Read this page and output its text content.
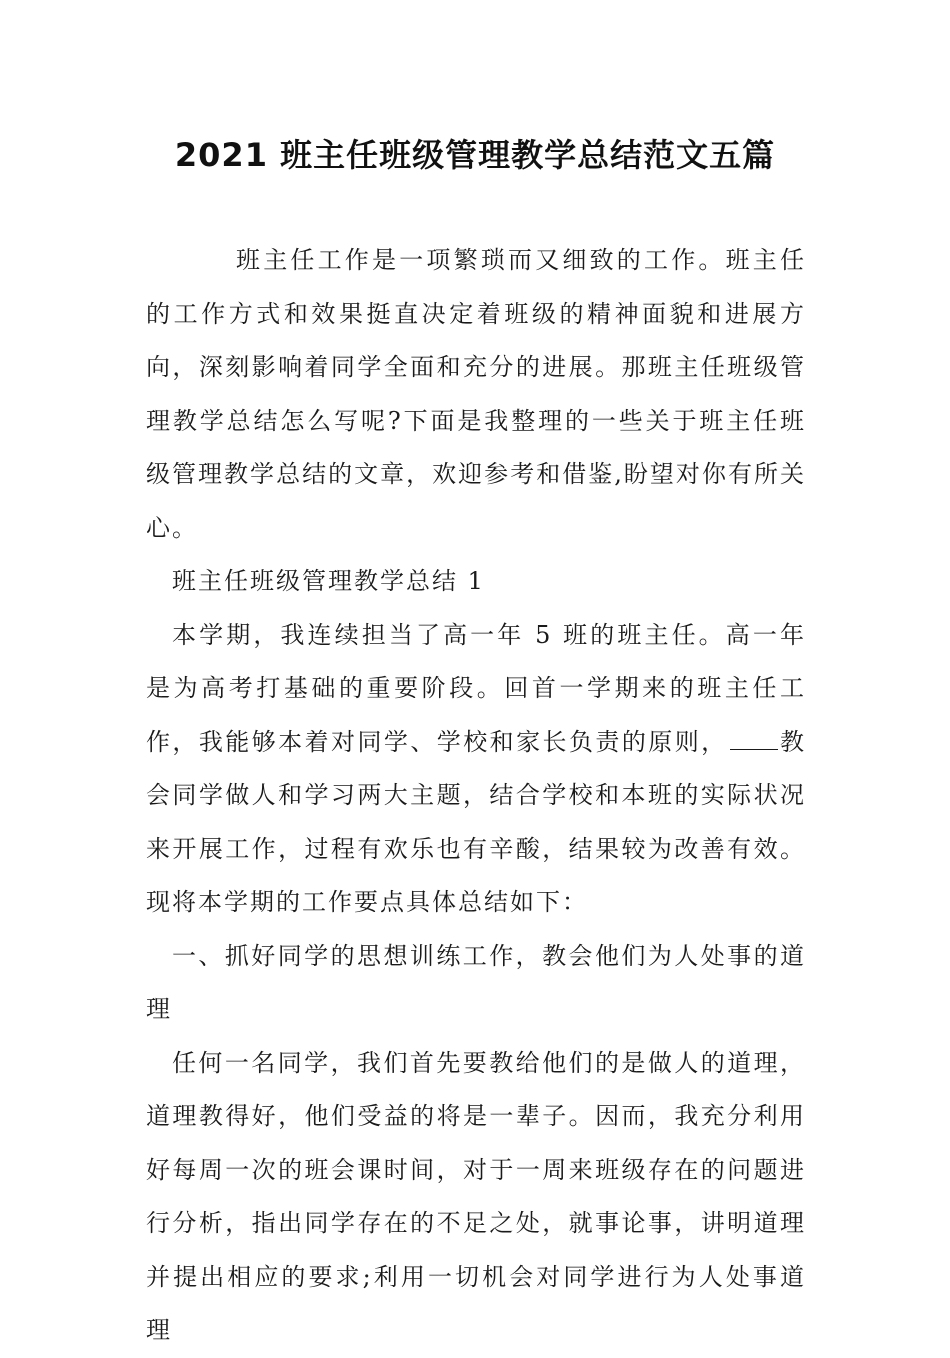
2021 班主任班级管理教学总结范文五篇

班主任工作是一项繁琐而又细致的工作。班主任的工作方式和效果挺直决定着班级的精神面貌和进展方向，深刻影响着同学全面和充分的进展。那班主任班级管理教学总结怎么写呢?下面是我整理的一些关于班主任班级管理教学总结的文章，欢迎参考和借鉴,盼望对你有所关心。

班主任班级管理教学总结 1

本学期，我连续担当了高一年 5 班的班主任。高一年是为高考打基础的重要阶段。回首一学期来的班主任工作，我能够本着对同学、学校和家长负责的原则， 教会同学做人和学习两大主题，结合学校和本班的实际状况来开展工作，过程有欢乐也有辛酸，结果较为改善有效。现将本学期的工作要点具体总结如下：

一、抓好同学的思想训练工作，教会他们为人处事的道理

任何一名同学，我们首先要教给他们的是做人的道理，道理教得好，他们受益的将是一辈子。因而，我充分利用好每周一次的班会课时间，对于一周来班级存在的问题进行分析，指出同学存在的不足之处，就事论事，讲明道理并提出相应的要求;利用一切机会对同学进行为人处事道理
